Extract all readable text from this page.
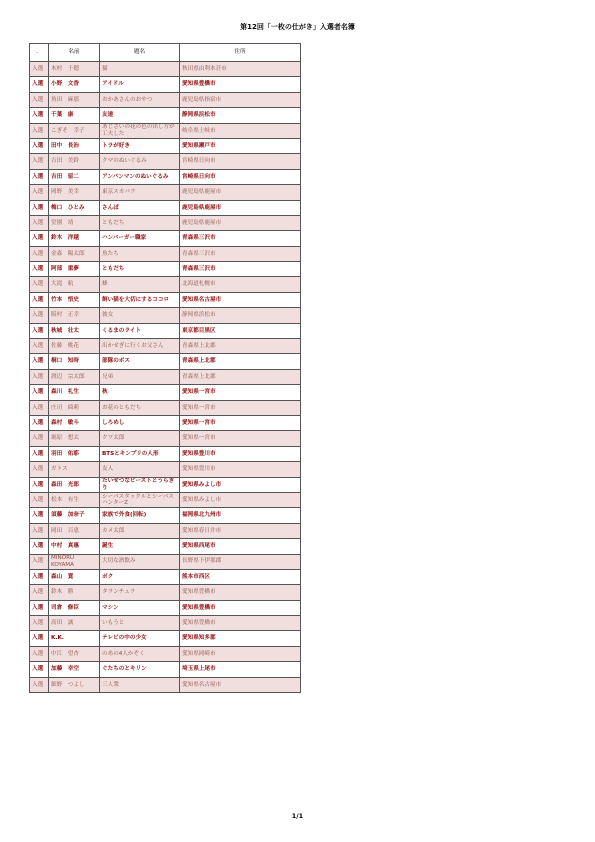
第12回「一枚の仕がき」入選者名簿
．	名前	題名	住所
入選	木村　千穂	猫	秋田県由利本荘市
入選	小野　文香	アイドル	愛知県豊橋市
入選	角田　麻那	おかあさんのおやつ	鹿児島県指宿市
入選	千葉　康	友達	静岡県浜松市
入選	こぎそ　幸子	あじさいの花の色の出し方が工夫した	岐阜県土岐市
入選	田中　長治	トラが好き	愛知県瀬戸市
入選	吉田　美鈴	クマのぬいぐるみ	宮崎県日向市
入選	吉田　留二	アンパンマンのぬいぐるみ	宮崎県日向市
入選	岡野　美幸	東京スカバラ	鹿児島県鹿屋市
入選	梅口　ひとみ	さんぽ	鹿児島県鹿屋市
入選	堂園　靖	ともだち	鹿児島県鹿屋市
入選	鈴木　洋越	ハンバーガー職家	青森県三沢市
入選	金森　陽太郎	魚たち	青森県三沢市
入選	阿部　重夢	ともだち	青森県三沢市
入選	大滝　航	蜂	北海道札幌市
入選	竹本　悟史	飼い猫を大切にするココロ	愛知県名古屋市
入選	阪村　正幸	彼女	静岡県浜松市
入選	秋城　壮太	くるまのライト	東京都目黒区
入選	佐藤　桃花	出かせぎに行くお父さん	青森県上北郡
入選	桐口　知時	部隊のボス	青森県上北郡
入選	渡辺　宗太郎	兄弟	青森県上北郡
入選	森川　礼生	秋	愛知県一宮市
入選	庄司　綺莉	お花のともだち	愛知県一宮市
入選	森村　敏斗	しろめし	愛知県一宮市
入選	堀原　想太	クワ太郎	愛知県一宮市
入選	羽田　佑耶	BTSとキンプリの人形	愛知県豊川市
入選	ガトス	友人	愛知県豊川市
入選	森田　光郎	たいせつなビーストとうらぎり	愛知県みよし市
入選	松本　有生	シーバスタックルとシーバスハンターZ	愛知県みよし市
入選	須藤　加奈子	家族で外食(回転)	福岡県北九州市
入選	岡田　百恵	カメ太郎	愛知県春日井市
入選	中村　真惠	誕生	愛知県西尾市
入選	MINORU KOYAMA	大切な酒飲み	長野県下伊那郡
入選	森山　寛	ポク	熊本市西区
入選	鈴木　勝	タランチュラ	愛知県豊橋市
入選	司倉　修臣	マシン	愛知県豊橋市
入選	高田　誠	いもうと	愛知県豊橋市
入選	K.K.	テレビの中の少女	愛知県知多郡
入選	中江　望杏	のあの4人かぞく	愛知県岡崎市
入選	加藤　幸空	ぐたちのとキリン	埼玉県上尾市
入選	細野　つよし	三人衆	愛知県名古屋市
1/1
